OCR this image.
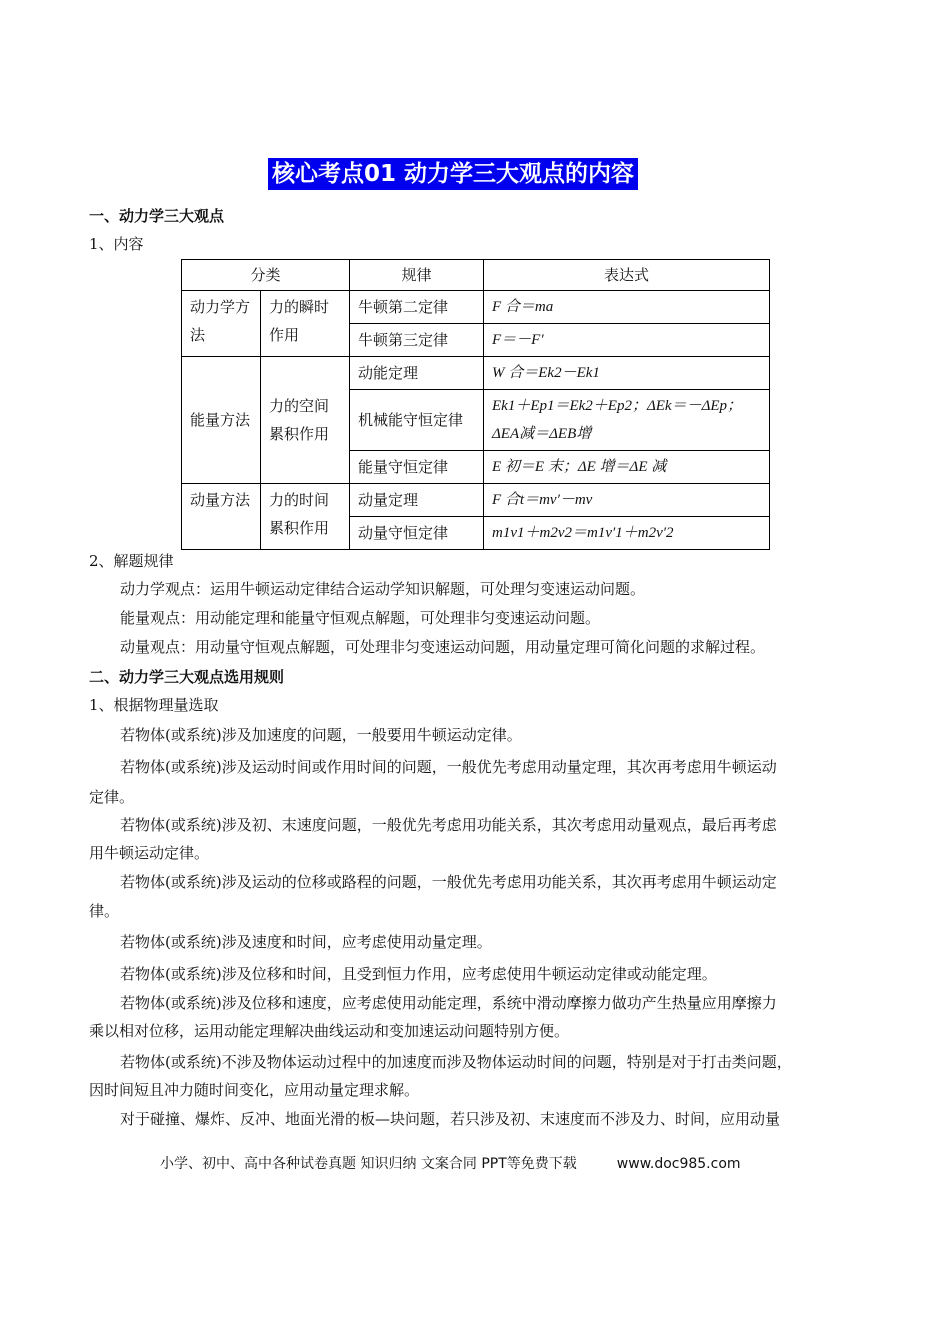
核心考点01 动力学三大观点的内容
一、动力学三大观点
1、内容
分类		规律	表达式
动力学方法	力的瞬时作用	牛顿第二定律	F 合＝ma
		牛顿第三定律	F＝－F′
能量方法	力的空间累积作用	动能定理	W 合＝Ek2－Ek1
		机械能守恒定律	Ek1＋Ep1＝Ek2＋Ep2；ΔEk＝－ΔEp；ΔEA减＝ΔEB增
		能量守恒定律	E 初＝E 末；ΔE 增＝ΔE 减
动量方法	力的时间累积作用	动量定理	F 合t＝mv′－mv
		动量守恒定律	m1v1＋m2v2＝m1v′1＋m2v′2
2、解题规律
动力学观点：运用牛顿运动定律结合运动学知识解题，可处理匀变速运动问题。
能量观点：用动能定理和能量守恒观点解题，可处理非匀变速运动问题。
动量观点：用动量守恒观点解题，可处理非匀变速运动问题，用动量定理可简化问题的求解过程。
二、动力学三大观点选用规则
1、根据物理量选取
若物体(或系统)涉及加速度的问题，一般要用牛顿运动定律。
若物体(或系统)涉及运动时间或作用时间的问题，一般优先考虑用动量定理，其次再考虑用牛顿运动
定律。
若物体(或系统)涉及初、末速度问题，一般优先考虑用功能关系，其次考虑用动量观点，最后再考虑
用牛顿运动定律。
若物体(或系统)涉及运动的位移或路程的问题，一般优先考虑用功能关系，其次再考虑用牛顿运动定
律。
若物体(或系统)涉及速度和时间，应考虑使用动量定理。
若物体(或系统)涉及位移和时间，且受到恒力作用，应考虑使用牛顿运动定律或动能定理。
若物体(或系统)涉及位移和速度，应考虑使用动能定理，系统中滑动摩擦力做功产生热量应用摩擦力
乘以相对位移，运用动能定理解决曲线运动和变加速运动问题特别方便。
若物体(或系统)不涉及物体运动过程中的加速度而涉及物体运动时间的问题，特别是对于打击类问题，
因时间短且冲力随时间变化，应用动量定理求解。
对于碰撞、爆炸、反冲、地面光滑的板—块问题，若只涉及初、末速度而不涉及力、时间，应用动量
小学、初中、高中各种试卷真题 知识归纳 文案合同 PPT等免费下载	www.doc985.com
